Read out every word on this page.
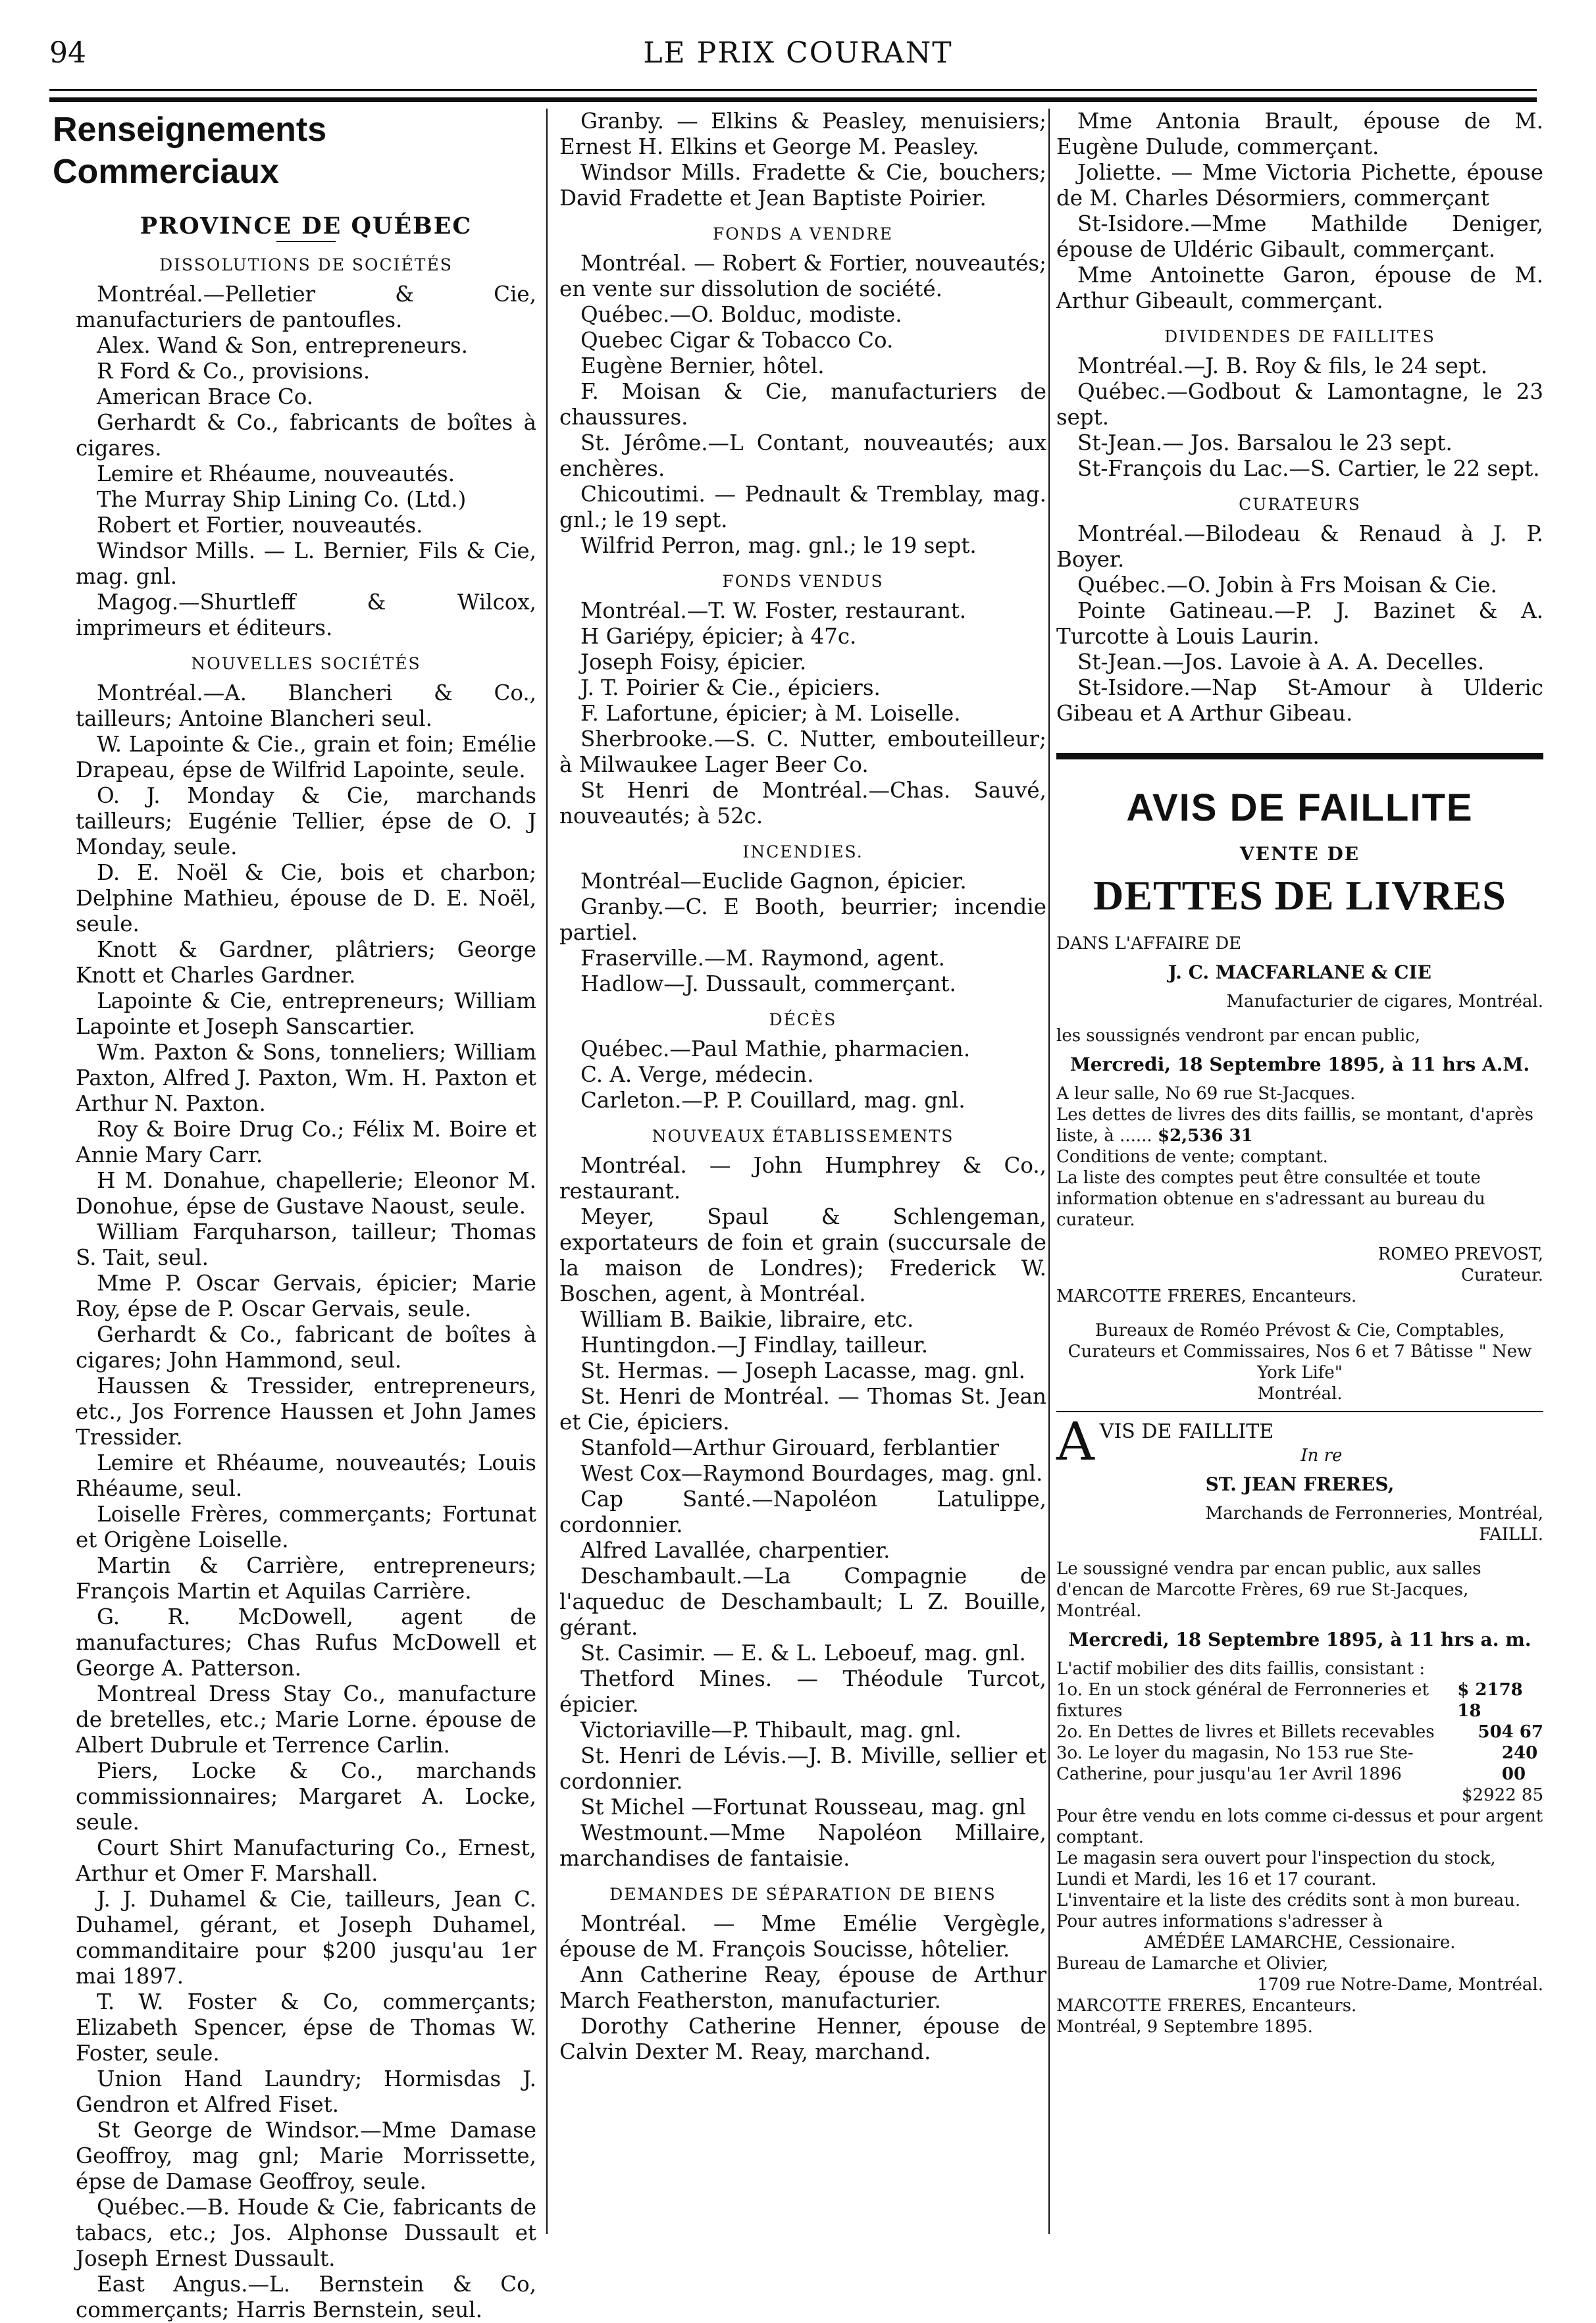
94	LE PRIX COURANT
Renseignements Commerciaux
PROVINCE DE QUÉBEC
DISSOLUTIONS DE SOCIÉTÉS

Montréal.—Pelletier & Cie, manufacturiers de pantoufles.

Alex. Wand & Son, entrepreneurs.

R Ford & Co., provisions.

American Brace Co.

Gerhardt & Co., fabricants de boîtes à cigares.

Lemire et Rhéaume, nouveautés.

The Murray Ship Lining Co. (Ltd.)

Robert et Fortier, nouveautés.

Windsor Mills. — L. Bernier, Fils & Cie, mag. gnl.

Magog.—Shurtleff & Wilcox, imprimeurs et éditeurs.

NOUVELLES SOCIÉTÉS

Montréal.—A. Blancheri & Co., tailleurs; Antoine Blancheri seul.

W. Lapointe & Cie., grain et foin; Emélie Drapeau, épse de Wilfrid Lapointe, seule.

O. J. Monday & Cie, marchands tailleurs; Eugénie Tellier, épse de O. J Monday, seule.

D. E. Noël & Cie, bois et charbon; Delphine Mathieu, épouse de D. E. Noël, seule.

Knott & Gardner, plâtriers; George Knott et Charles Gardner.

Lapointe & Cie, entrepreneurs; William Lapointe et Joseph Sanscartier.

Wm. Paxton & Sons, tonneliers; William Paxton, Alfred J. Paxton, Wm. H. Paxton et Arthur N. Paxton.

Roy & Boire Drug Co.; Félix M. Boire et Annie Mary Carr.

H M. Donahue, chapellerie; Eleonor M. Donohue, épse de Gustave Naoust, seule.

William Farquharson, tailleur; Thomas S. Tait, seul.

Mme P. Oscar Gervais, épicier; Marie Roy, épse de P. Oscar Gervais, seule.

Gerhardt & Co., fabricant de boîtes à cigares; John Hammond, seul.

Haussen & Tressider, entrepreneurs, etc., Jos Forrence Haussen et John James Tressider.

Lemire et Rhéaume, nouveautés; Louis Rhéaume, seul.

Loiselle Frères, commerçants; Fortunat et Origène Loiselle.

Martin & Carrière, entrepreneurs; François Martin et Aquilas Carrière.

G. R. McDowell, agent de manufactures; Chas Rufus McDowell et George A. Patterson.

Montreal Dress Stay Co., manufacture de bretelles, etc.; Marie Lorne. épouse de Albert Dubrule et Terrence Carlin.

Piers, Locke & Co., marchands commissionnaires; Margaret A. Locke, seule.

Court Shirt Manufacturing Co., Ernest, Arthur et Omer F. Marshall.

J. J. Duhamel & Cie, tailleurs, Jean C. Duhamel, gérant, et Joseph Duhamel, commanditaire pour $200 jusqu'au 1er mai 1897.

T. W. Foster & Co, commerçants; Elizabeth Spencer, épse de Thomas W. Foster, seule.

Union Hand Laundry; Hormisdas J. Gendron et Alfred Fiset.

St George de Windsor.—Mme Damase Geoffroy, mag gnl; Marie Morrissette, épse de Damase Geoffroy, seule.

Québec.—B. Houde & Cie, fabricants de tabacs, etc.; Jos. Alphonse Dussault et Joseph Ernest Dussault.

East Angus.—L. Bernstein & Co, commerçants; Harris Bernstein, seul.

Granby. — Elkins & Peasley, menuisiers; Ernest H. Elkins et George M. Peasley.

Windsor Mills. Fradette & Cie, bouchers; David Fradette et Jean Baptiste Poirier.

FONDS A VENDRE

Montréal. — Robert & Fortier, nouveautés; en vente sur dissolution de société.

Québec.—O. Bolduc, modiste.

Quebec Cigar & Tobacco Co.

Eugène Bernier, hôtel.

F. Moisan & Cie, manufacturiers de chaussures.

St. Jérôme.—L Contant, nouveautés; aux enchères.

Chicoutimi. — Pednault & Tremblay, mag. gnl.; le 19 sept.

Wilfrid Perron, mag. gnl.; le 19 sept.

FONDS VENDUS

Montréal.—T. W. Foster, restaurant.

H Gariépy, épicier; à 47c.

Joseph Foisy, épicier.

J. T. Poirier & Cie., épiciers.

F. Lafortune, épicier; à M. Loiselle.

Sherbrooke.—S. C. Nutter, embouteilleur; à Milwaukee Lager Beer Co.

St Henri de Montréal.—Chas. Sauvé, nouveautés; à 52c.

INCENDIES.

Montréal—Euclide Gagnon, épicier.

Granby.—C. E Booth, beurrier; incendie partiel.

Fraserville.—M. Raymond, agent.

Hadlow—J. Dussault, commerçant.

DÉCÈS

Québec.—Paul Mathie, pharmacien.

C. A. Verge, médecin.

Carleton.—P. P. Couillard, mag. gnl.

NOUVEAUX ÉTABLISSEMENTS

Montréal. — John Humphrey & Co., restaurant.

Meyer, Spaul & Schlengeman, exportateurs de foin et grain (succursale de la maison de Londres); Frederick W. Boschen, agent, à Montréal.

William B. Baikie, libraire, etc.

Huntingdon.—J Findlay, tailleur.

St. Hermas. — Joseph Lacasse, mag. gnl.

St. Henri de Montréal. — Thomas St. Jean et Cie, épiciers.

Stanfold—Arthur Girouard, ferblantier

West Cox—Raymond Bourdages, mag. gnl.

Cap Santé.—Napoléon Latulippe, cordonnier.

Alfred Lavallée, charpentier.

Deschambault.—La Compagnie de l'aqueduc de Deschambault; L Z. Bouille, gérant.

St. Casimir. — E. & L. Leboeuf, mag. gnl.

Thetford Mines. — Théodule Turcot, épicier.

Victoriaville—P. Thibault, mag. gnl.

St. Henri de Lévis.—J. B. Miville, sellier et cordonnier.

St Michel —Fortunat Rousseau, mag. gnl

Westmount.—Mme Napoléon Millaire, marchandises de fantaisie.

DEMANDES DE SÉPARATION DE BIENS

Montréal. — Mme Emélie Vergègle, épouse de M. François Soucisse, hôtelier.

Ann Catherine Reay, épouse de Arthur March Featherston, manufacturier.

Dorothy Catherine Henner, épouse de Calvin Dexter M. Reay, marchand.

Mme Antonia Brault, épouse de M. Eugène Dulude, commerçant.

Joliette. — Mme Victoria Pichette, épouse de M. Charles Désormiers, commerçant

St-Isidore.—Mme Mathilde Deniger, épouse de Uldéric Gibault, commerçant.

Mme Antoinette Garon, épouse de M. Arthur Gibeault, commerçant.

DIVIDENDES DE FAILLITES

Montréal.—J. B. Roy & fils, le 24 sept.

Québec.—Godbout & Lamontagne, le 23 sept.

St-Jean.— Jos. Barsalou le 23 sept.

St-François du Lac.—S. Cartier, le 22 sept.

CURATEURS

Montréal.—Bilodeau & Renaud à J. P. Boyer.

Québec.—O. Jobin à Frs Moisan & Cie.

Pointe Gatineau.—P. J. Bazinet & A. Turcotte à Louis Laurin.

St-Jean.—Jos. Lavoie à A. A. Decelles.

St-Isidore.—Nap St-Amour à Ulderic Gibeau et A Arthur Gibeau.

AVIS DE FAILLITE
VENTE DE
DETTES DE LIVRES

DANS L'AFFAIRE DE

J. C. MACFARLANE & CIE

Manufacturier de cigares, Montréal.

les soussignés vendront par encan public,

Mercredi, 18 Septembre 1895, à 11 hrs A.M.

A leur salle, No 69 rue St-Jacques.

Les dettes de livres des dits faillis, se montant, d'après liste, à ...... $2,536 31

Conditions de vente; comptant.

La liste des comptes peut être consultée et toute information obtenue en s'adressant au bureau du curateur.

ROMEO PREVOST,

Curateur.

MARCOTTE FRERES, Encanteurs.

Bureaux de Roméo Prévost & Cie, Comptables, Curateurs et Commissaires, Nos 6 et 7 Bâtisse " New York Life"

Montréal.

A VIS DE FAILLITE

In re

ST. JEAN FRERES,

Marchands de Ferronneries, Montréal,

FAILLI.

Le soussigné vendra par encan public, aux salles d'encan de Marcotte Frères, 69 rue St-Jacques, Montréal.

Mercredi, 18 Septembre 1895, à 11 hrs a. m.

L'actif mobilier des dits faillis, consistant :

1o. En un stock général de Ferronneries et fixtures
$ 2178 18
2o. En Dettes de livres et Billets recevables	504 67
3o. Le loyer du magasin, No 153 rue Ste-Catherine, pour jusqu'au 1er Avril 1896
240 00
$2922 85

Pour être vendu en lots comme ci-dessus et pour argent comptant.

Le magasin sera ouvert pour l'inspection du stock, Lundi et Mardi, les 16 et 17 courant.

L'inventaire et la liste des crédits sont à mon bureau.

Pour autres informations s'adresser à

AMÉDÉE LAMARCHE, Cessionaire.

Bureau de Lamarche et Olivier,

1709 rue Notre-Dame, Montréal.

MARCOTTE FRERES, Encanteurs.

Montréal, 9 Septembre 1895.
